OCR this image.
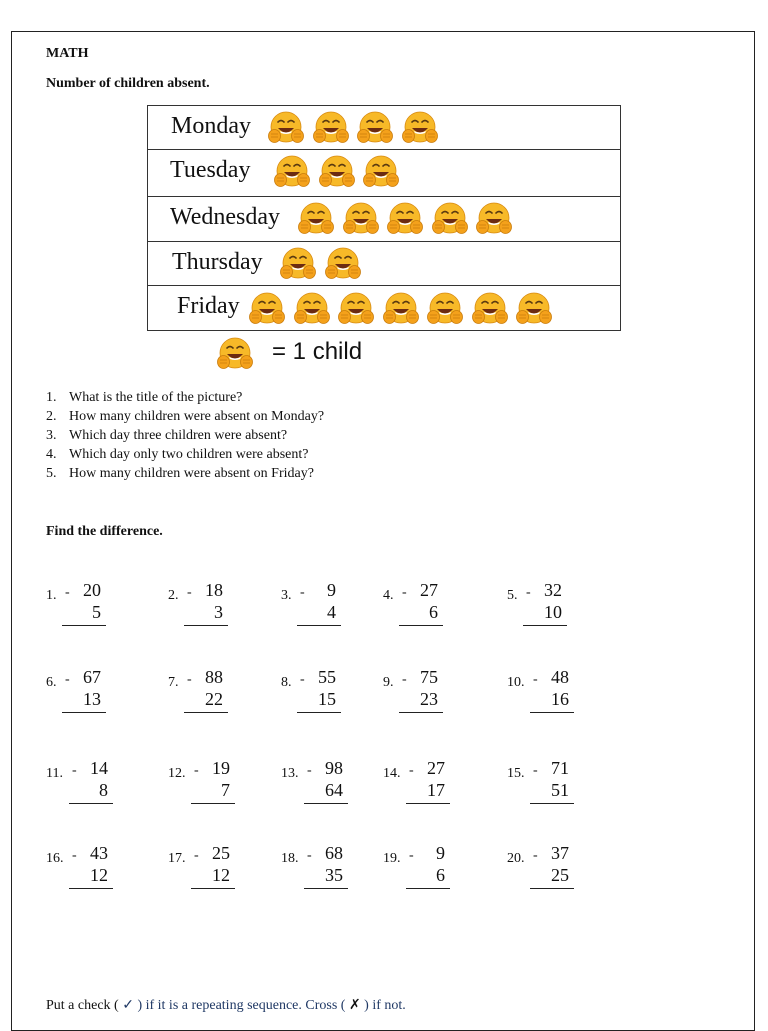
MATH
Number of children absent.
Monday
Tuesday
Wednesday
Thursday
Friday
= 1 child
1. What is the title of the picture?
2. How many children were absent on Monday?
3. Which day three children were absent?
4. Which day only two children were absent?
5. How many children were absent on Friday?
Find the difference.
1. - 20
5
2. - 18
3
3. -	9
4
4. - 27
6
5. - 32
10
6. - 67
13
7. - 88
22
8. - 55
15
9. - 75
23
10. - 48
16
11. - 14
8
12. - 19
7
13. - 98
64
14. - 27
17
15. - 71
51
16. - 43
12
17. - 25
12
18. - 68
35
19. -	9
6
20. - 37
25
Put a check ( ✓ ) if it is a repeating sequence. Cross ( ✗ ) if not.
